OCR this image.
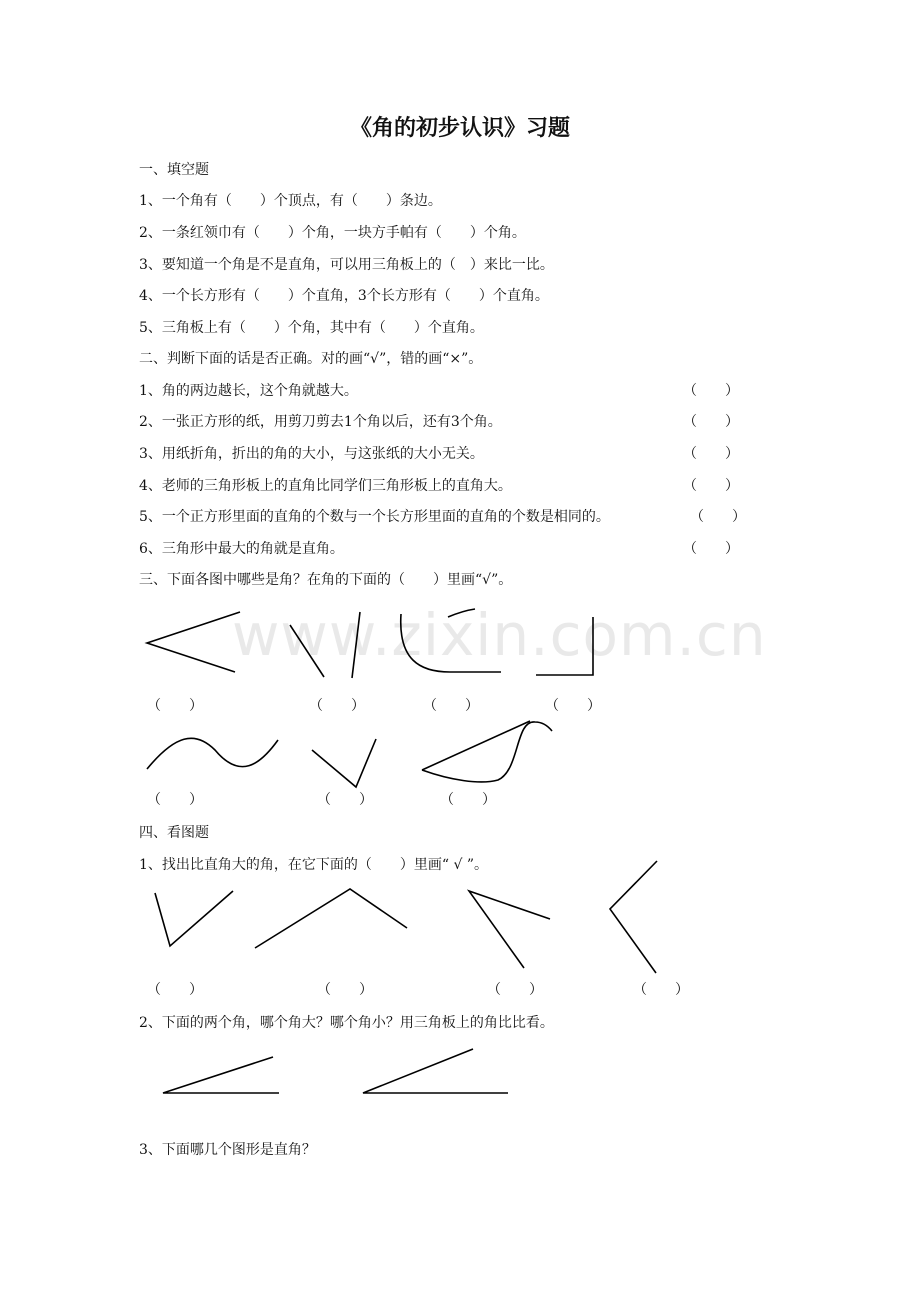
www.zixin.com.cn
《角的初步认识》习题
一、填空题
1、一个角有（　　）个顶点，有（　　）条边。
2、一条红领巾有（　　）个角，一块方手帕有（　　）个角。
3、要知道一个角是不是直角，可以用三角板上的（　）来比一比。
4、一个长方形有（　　）个直角，3个长方形有（　　）个直角。
5、三角板上有（　　）个角，其中有（　　）个直角。
二、判断下面的话是否正确。对的画“√”，错的画“×”。
1、角的两边越长，这个角就越大。	（　　）
2、一张正方形的纸，用剪刀剪去1个角以后，还有3个角。	（　　）
3、用纸折角，折出的角的大小，与这张纸的大小无关。	（　　）
4、老师的三角形板上的直角比同学们三角形板上的直角大。	（　　）
5、一个正方形里面的直角的个数与一个长方形里面的直角的个数是相同的。	（　　）
6、三角形中最大的角就是直角。	（　　）
三、下面各图中哪些是角？在角的下面的（　　）里画“√”。
（　　）	（　　）	（　　）	（　　）
（　　）	（　　）	（　　）
四、看图题
1、找出比直角大的角，在它下面的（　　）里画“ √ ”。
（　　）	（　　）	（　　）	（　　）
2、下面的两个角，哪个角大？哪个角小？用三角板上的角比比看。
3、下面哪几个图形是直角？
